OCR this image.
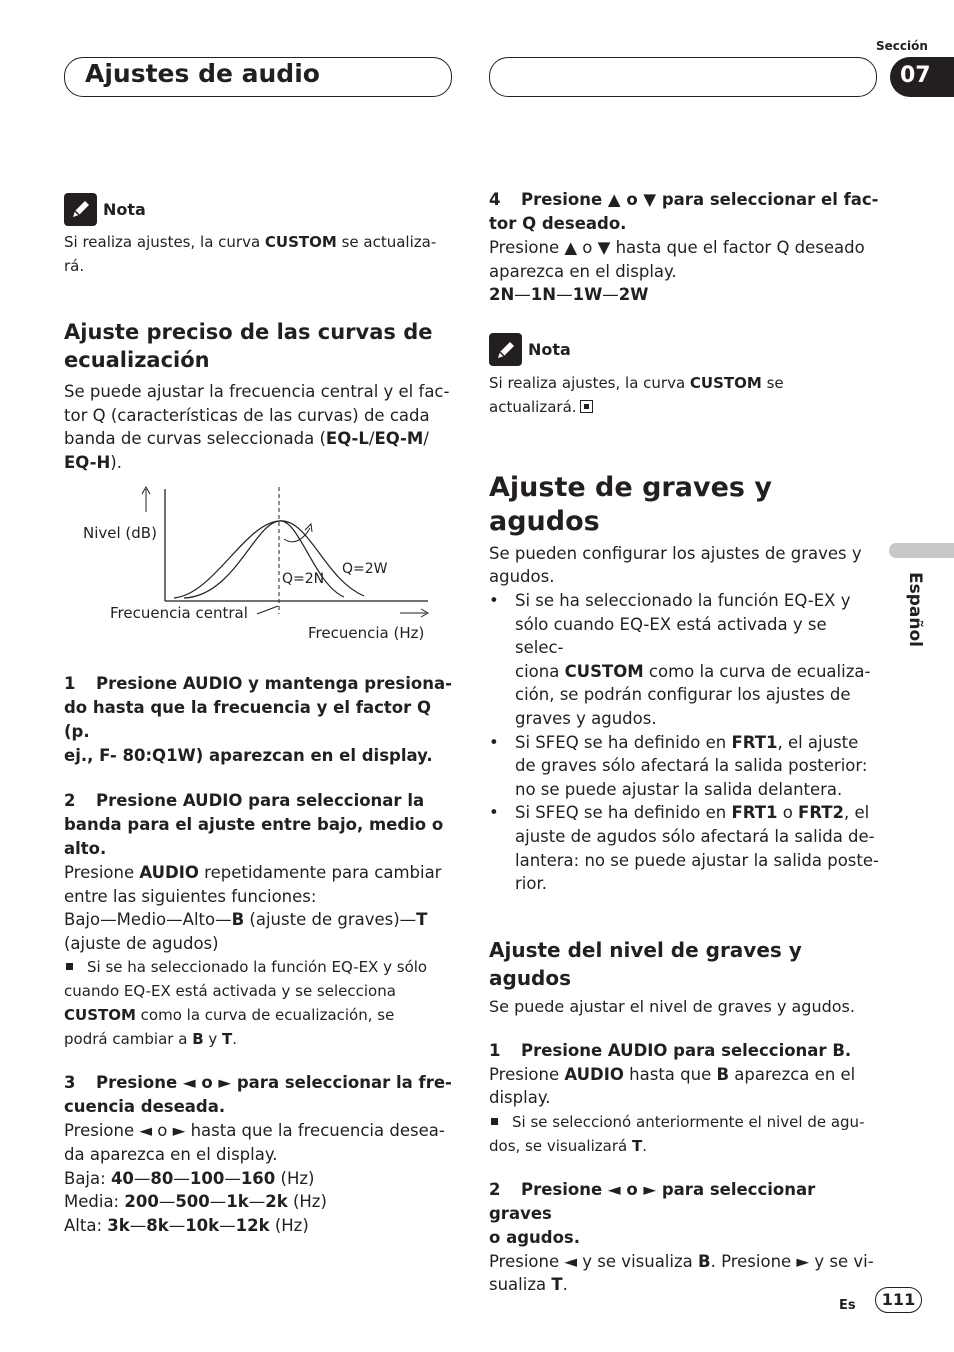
Ajustes de audio
Sección
07
Español
Nota

Si realiza ajustes, la curva CUSTOM se actualiza-
rá.

Ajuste preciso de las curvas de
ecualización

Se puede ajustar la frecuencia central y el fac-
tor Q (características de las curvas) de cada
banda de curvas seleccionada (EQ-L/EQ-M/
EQ-H).

Nivel (dB)
Q=2N
Q=2W
Frecuencia central
Frecuencia (Hz)
1 Presione AUDIO y mantenga presiona-
do hasta que la frecuencia y el factor Q (p.
ej., F- 80:Q1W) aparezcan en el display.
2 Presione AUDIO para seleccionar la
banda para el ajuste entre bajo, medio o
alto.

Presione AUDIO repetidamente para cambiar
entre las siguientes funciones:
Bajo—Medio—Alto—B (ajuste de graves)—T
(ajuste de agudos)

Si se ha seleccionado la función EQ-EX y sólo
cuando EQ-EX está activada y se selecciona
CUSTOM como la curva de ecualización, se
podrá cambiar a B y T.

3 Presione ◄ o ► para seleccionar la fre-
cuencia deseada.

Presione ◄ o ► hasta que la frecuencia desea-
da aparezca en el display.
Baja: 40—80—100—160 (Hz)
Media: 200—500—1k—2k (Hz)
Alta: 3k—8k—10k—12k (Hz)

4 Presione ▲ o ▼ para seleccionar el fac-
tor Q deseado.

Presione ▲ o ▼ hasta que el factor Q deseado
aparezca en el display.
2N—1N—1W—2W

Nota

Si realiza ajustes, la curva CUSTOM se
actualizará.

Ajuste de graves y agudos

Se pueden configurar los ajustes de graves y
agudos.

• Si se ha seleccionado la función EQ-EX y
sólo cuando EQ-EX está activada y se selec-
ciona CUSTOM como la curva de ecualiza-
ción, se podrán configurar los ajustes de
graves y agudos.
• Si SFEQ se ha definido en FRT1, el ajuste
de graves sólo afectará la salida posterior:
no se puede ajustar la salida delantera.
• Si SFEQ se ha definido en FRT1 o FRT2, el
ajuste de agudos sólo afectará la salida de-
lantera: no se puede ajustar la salida poste-
rior.
Ajuste del nivel de graves y agudos

Se puede ajustar el nivel de graves y agudos.

1 Presione AUDIO para seleccionar B.

Presione AUDIO hasta que B aparezca en el
display.

Si se seleccionó anteriormente el nivel de agu-
dos, se visualizará T.

2 Presione ◄ o ► para seleccionar graves
o agudos.

Presione ◄ y se visualiza B. Presione ► y se vi-
sualiza T.

Es	111
